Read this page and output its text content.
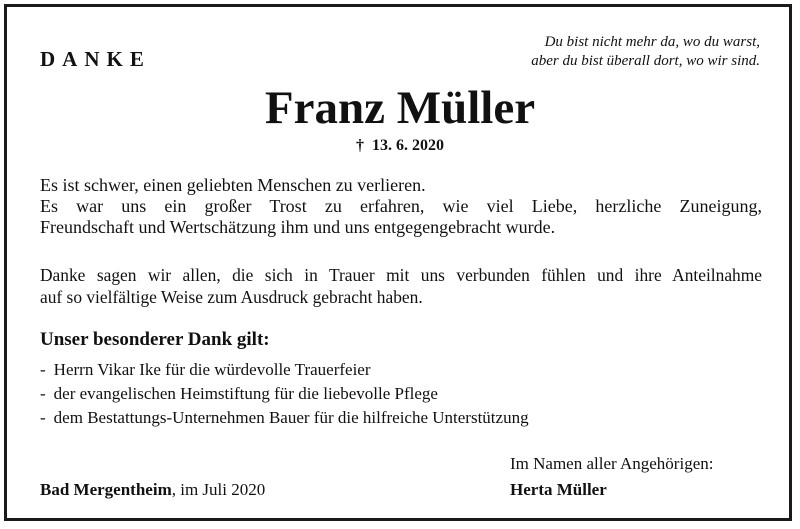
DANKE
Du bist nicht mehr da, wo du warst,
aber du bist überall dort, wo wir sind.
Franz Müller
† 13. 6. 2020
Es ist schwer, einen geliebten Menschen zu verlieren.
Es war uns ein großer Trost zu erfahren, wie viel Liebe, herzliche Zuneigung,
Freundschaft und Wertschätzung ihm und uns entgegengebracht wurde.
Danke sagen wir allen, die sich in Trauer mit uns verbunden fühlen und ihre Anteilnahme
auf so vielfältige Weise zum Ausdruck gebracht haben.
Unser besonderer Dank gilt:
- Herrn Vikar Ike für die würdevolle Trauerfeier
- der evangelischen Heimstiftung für die liebevolle Pflege
- dem Bestattungs-Unternehmen Bauer für die hilfreiche Unterstützung
Bad Mergentheim, im Juli 2020
Im Namen aller Angehörigen:
Herta Müller
